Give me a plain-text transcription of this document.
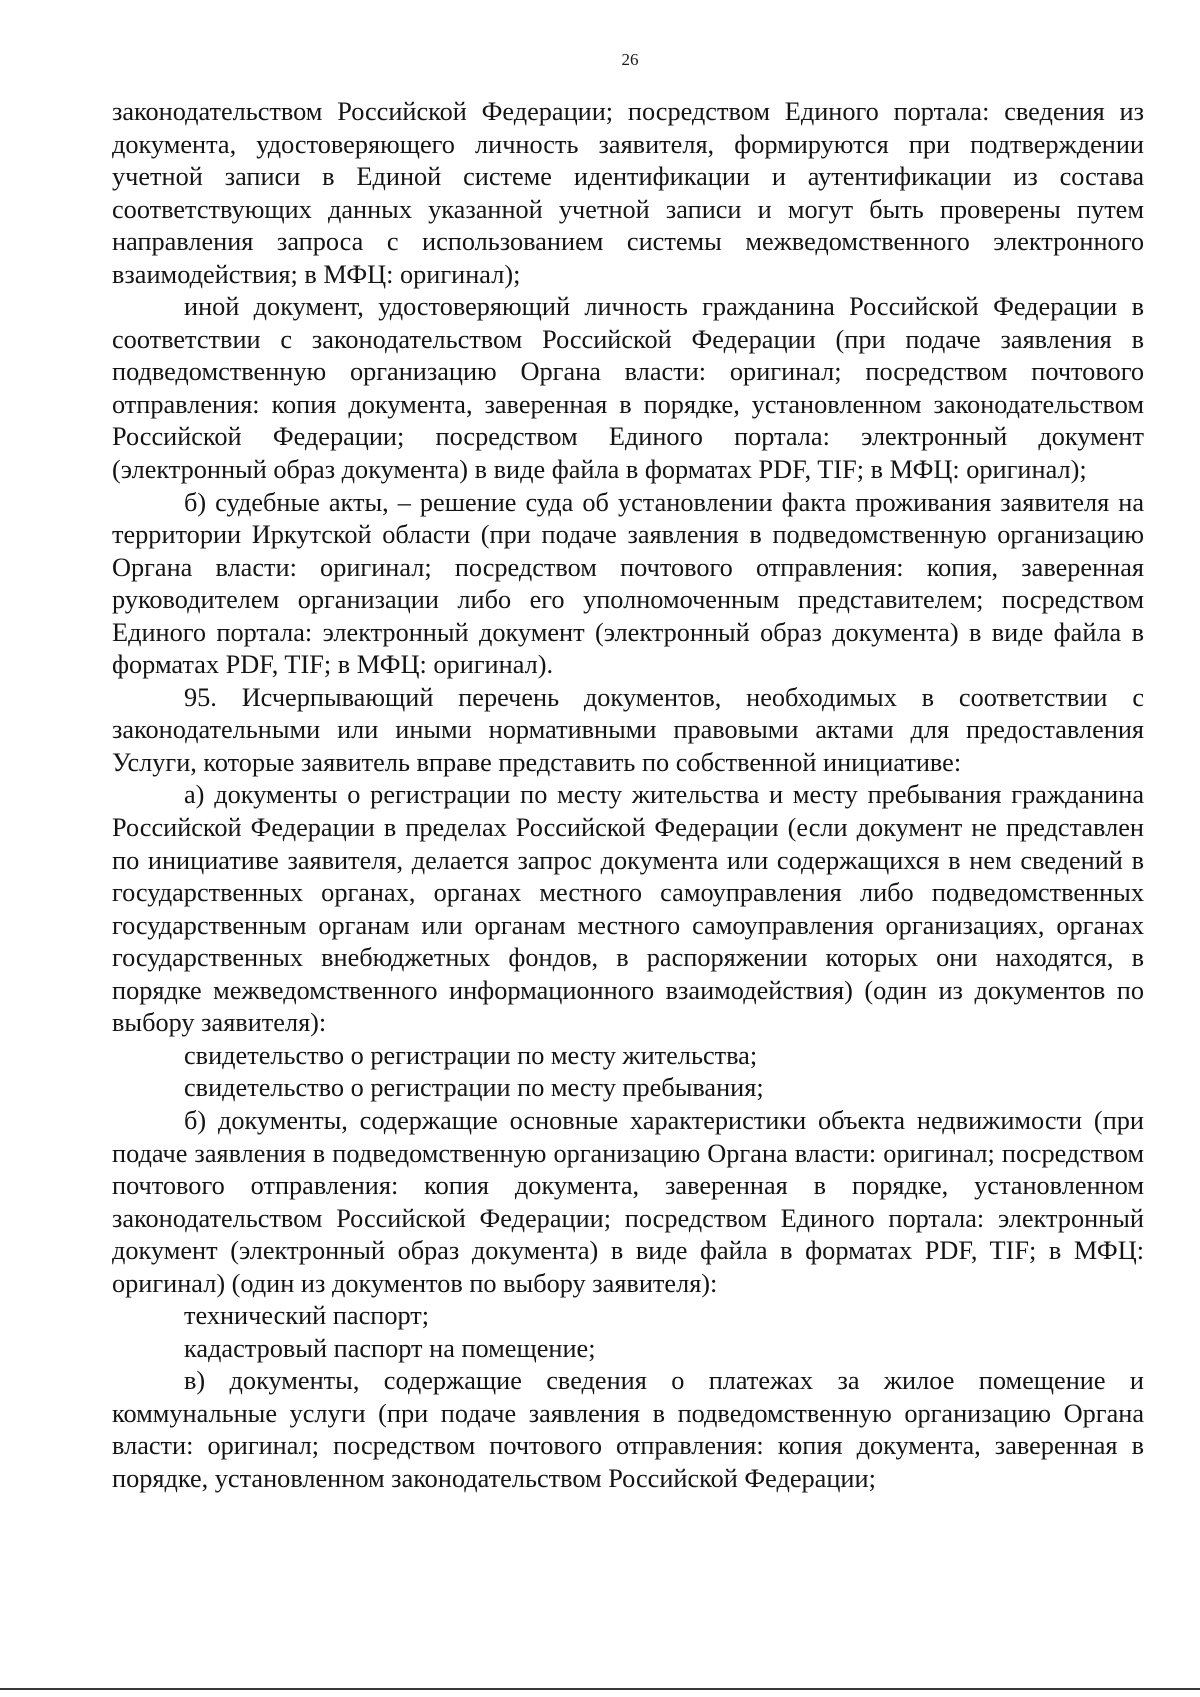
26

законодательством Российской Федерации; посредством Единого портала: сведения из документа, удостоверяющего личность заявителя, формируются при подтверждении учетной записи в Единой системе идентификации и аутентификации из состава соответствующих данных указанной учетной записи и могут быть проверены путем направления запроса с использованием системы межведомственного электронного взаимодействия; в МФЦ: оригинал);

иной документ, удостоверяющий личность гражданина Российской Федерации в соответствии с законодательством Российской Федерации (при подаче заявления в подведомственную организацию Органа власти: оригинал; посредством почтового отправления: копия документа, заверенная в порядке, установленном законодательством Российской Федерации; посредством Единого портала: электронный документ (электронный образ документа) в виде файла в форматах PDF, TIF; в МФЦ: оригинал);

б) судебные акты, – решение суда об установлении факта проживания заявителя на территории Иркутской области (при подаче заявления в подведомственную организацию Органа власти: оригинал; посредством почтового отправления: копия, заверенная руководителем организации либо его уполномоченным представителем; посредством Единого портала: электронный документ (электронный образ документа) в виде файла в форматах PDF, TIF; в МФЦ: оригинал).

95. Исчерпывающий перечень документов, необходимых в соответствии с законодательными или иными нормативными правовыми актами для предоставления Услуги, которые заявитель вправе представить по собственной инициативе:

а) документы о регистрации по месту жительства и месту пребывания гражданина Российской Федерации в пределах Российской Федерации (если документ не представлен по инициативе заявителя, делается запрос документа или содержащихся в нем сведений в государственных органах, органах местного самоуправления либо подведомственных государственным органам или органам местного самоуправления организациях, органах государственных внебюджетных фондов, в распоряжении которых они находятся, в порядке межведомственного информационного взаимодействия) (один из документов по выбору заявителя):

свидетельство о регистрации по месту жительства;

свидетельство о регистрации по месту пребывания;

б) документы, содержащие основные характеристики объекта недвижимости (при подаче заявления в подведомственную организацию Органа власти: оригинал; посредством почтового отправления: копия документа, заверенная в порядке, установленном законодательством Российской Федерации; посредством Единого портала: электронный документ (электронный образ документа) в виде файла в форматах PDF, TIF; в МФЦ: оригинал) (один из документов по выбору заявителя):

технический паспорт;

кадастровый паспорт на помещение;

в) документы, содержащие сведения о платежах за жилое помещение и коммунальные услуги (при подаче заявления в подведомственную организацию Органа власти: оригинал; посредством почтового отправления: копия документа, заверенная в порядке, установленном законодательством Российской Федерации;
